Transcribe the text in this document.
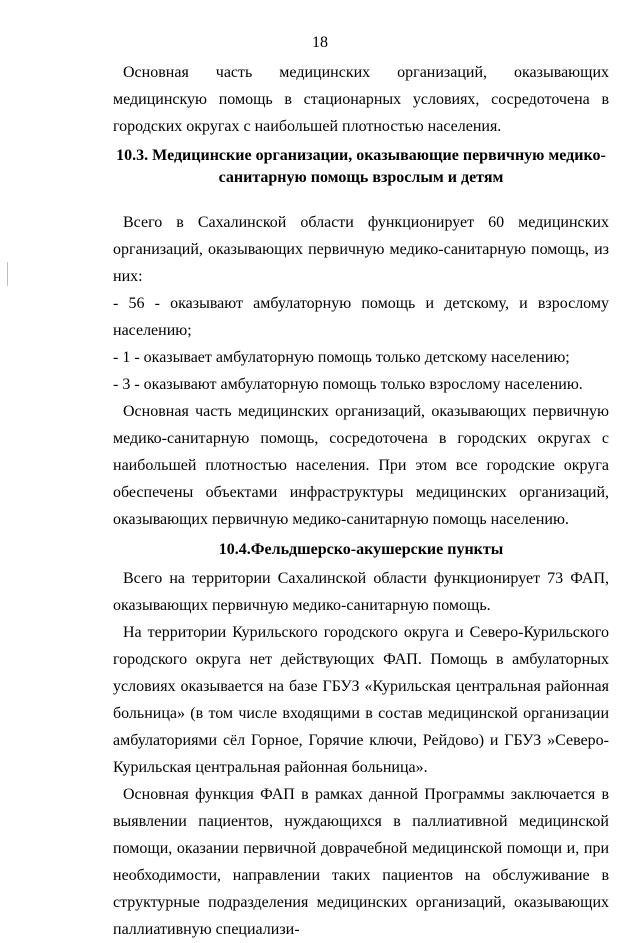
18

Основная часть медицинских организаций, оказывающих медицинскую помощь в стационарных условиях, сосредоточена в городских округах с наибольшей плотностью населения.

10.3. Медицинские организации, оказывающие первичную медико-санитарную помощь взрослым и детям

Всего в Сахалинской области функционирует 60 медицинских организаций, оказывающих первичную медико-санитарную помощь, из них:

- 56 - оказывают амбулаторную помощь и детскому, и взрослому населению;

- 1 - оказывает амбулаторную помощь только детскому населению;

- 3 - оказывают амбулаторную помощь только взрослому населению.

Основная часть медицинских организаций, оказывающих первичную медико-санитарную помощь, сосредоточена в городских округах с наибольшей плотностью населения. При этом все городские округа обеспечены объектами инфраструктуры медицинских организаций, оказывающих первичную медико-санитарную помощь населению.

10.4.Фельдшерско-акушерские пункты

Всего на территории Сахалинской области функционирует 73 ФАП, оказывающих первичную медико-санитарную помощь.

На территории Курильского городского округа и Северо-Курильского городского округа нет действующих ФАП. Помощь в амбулаторных условиях оказывается на базе ГБУЗ «Курильская центральная районная больница» (в том числе входящими в состав медицинской организации амбулаториями сёл Горное, Горячие ключи, Рейдово) и ГБУЗ »Северо-Курильская центральная районная больница».

Основная функция ФАП в рамках данной Программы заключается в выявлении пациентов, нуждающихся в паллиативной медицинской помощи, оказании первичной доврачебной медицинской помощи и, при необходимости, направлении таких пациентов на обслуживание в структурные подразделения медицинских организаций, оказывающих паллиативную специализи-
